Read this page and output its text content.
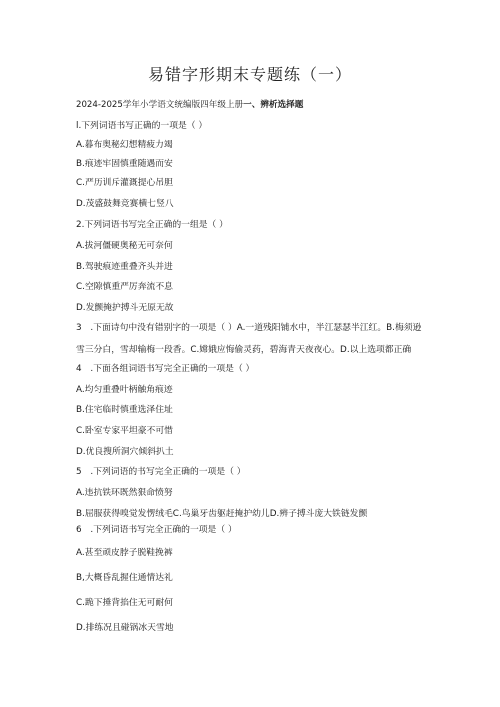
易错字形期末专题练（一）
2024-2025学年小学语文统编版四年级上册一、辨析选择题
l.下列词语书写正确的一项是（ ）
A.暮布奥秘幻想精疲力竭
B.痕迹牢固慎重随遇而安
C.严历训斥灌溉提心吊胆
D.茂盛鼓舞竞赛横七竖八
2.下列词语书写完全正确的一组是（ ）
A.拔河僵硬奥秘无可奈何
B.驾驶痕迹重叠齐头并进
C.空隙慎重严厉奔流不息
D.发颤掩护搏斗无原无故
3　.下面诗句中没有错别字的一项是（ ）A.一道残阳铺水中，半江瑟瑟半江红。B.梅须逊
雪三分白，雪却输梅一段香。C.嫦娥应悔偷灵药，碧海青天夜夜心。D.以上选项都正确
4　.下面各组词语书写完全正确的一项是（ ）
A.均匀重叠叶柄触角痕迹
B.住宅临时慎重选泽住址
C.卧室专家平坦豪不可惜
D.优良搜所洞穴倾斜扒土
5　.下列词语的书写完全正确的一项是（ ）
A.违抗铁环既然狠命愤努
B.屈服获得嗅觉发愣绒毛C.鸟巢牙齿躯赶掩护幼儿D.辨子搏斗庞大铁链发颤
6　.下列词语书写完全正确的一项是（ ）
A.甚至顽皮脖子脱鞋挽裤
B,大概昏乱握住通情达礼
C.跪下捶背掐住无可耐何
D.排练况且碰锅冰天雪地
